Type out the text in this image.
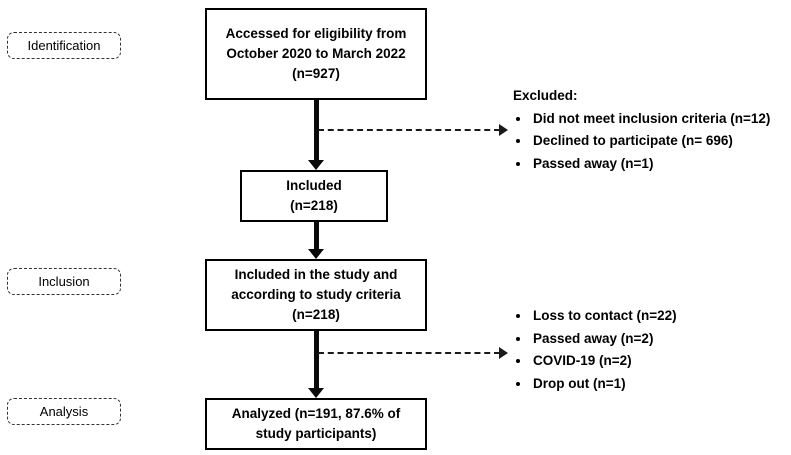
Identification
Inclusion
Analysis
Accessed for eligibility from
October 2020 to March 2022
(n=927)
Included
(n=218)
Included in the study and
according to study criteria
(n=218)
Analyzed (n=191, 87.6% of
study participants)
Excluded:
• Did not meet inclusion criteria (n=12)
• Declined to participate (n= 696)
• Passed away (n=1)
• Loss to contact (n=22)
• Passed away (n=2)
• COVID-19 (n=2)
• Drop out (n=1)
